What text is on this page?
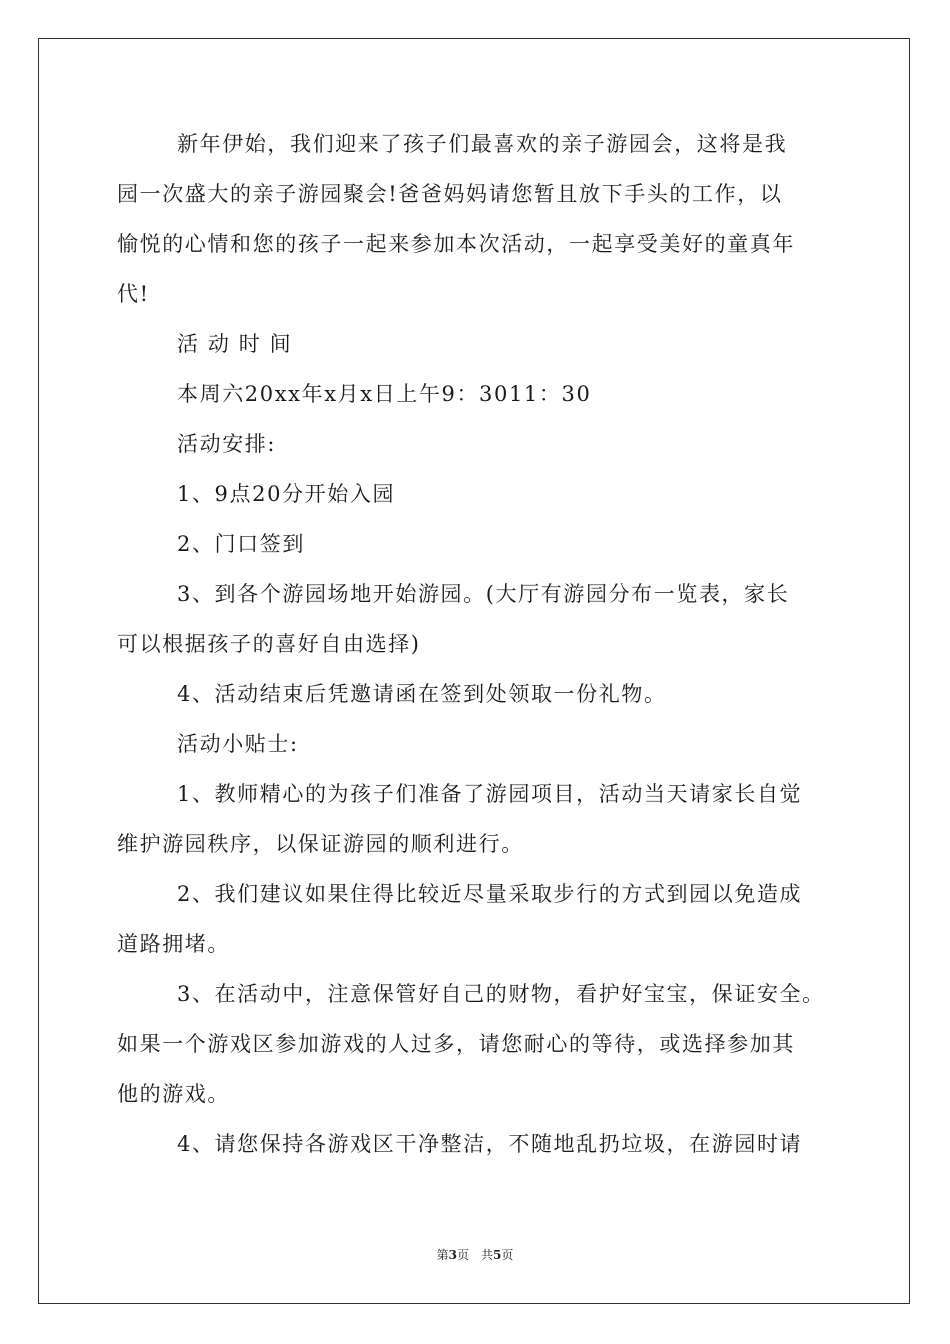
新年伊始，我们迎来了孩子们最喜欢的亲子游园会，这将是我
园一次盛大的亲子游园聚会!爸爸妈妈请您暂且放下手头的工作，以
愉悦的心情和您的孩子一起来参加本次活动，一起享受美好的童真年
代!
活 动 时 间
本周六20xx年x月x日上午9：3011：30
活动安排:
1、9点20分开始入园
2、门口签到
3、到各个游园场地开始游园。(大厅有游园分布一览表，家长
可以根据孩子的喜好自由选择)
4、活动结束后凭邀请函在签到处领取一份礼物。
活动小贴士:
1、教师精心的为孩子们准备了游园项目，活动当天请家长自觉
维护游园秩序，以保证游园的顺利进行。
2、我们建议如果住得比较近尽量采取步行的方式到园以免造成
道路拥堵。
3、在活动中，注意保管好自己的财物，看护好宝宝，保证安全。
如果一个游戏区参加游戏的人过多，请您耐心的等待，或选择参加其
他的游戏。
4、请您保持各游戏区干净整洁，不随地乱扔垃圾，在游园时请
第3页　共5页
